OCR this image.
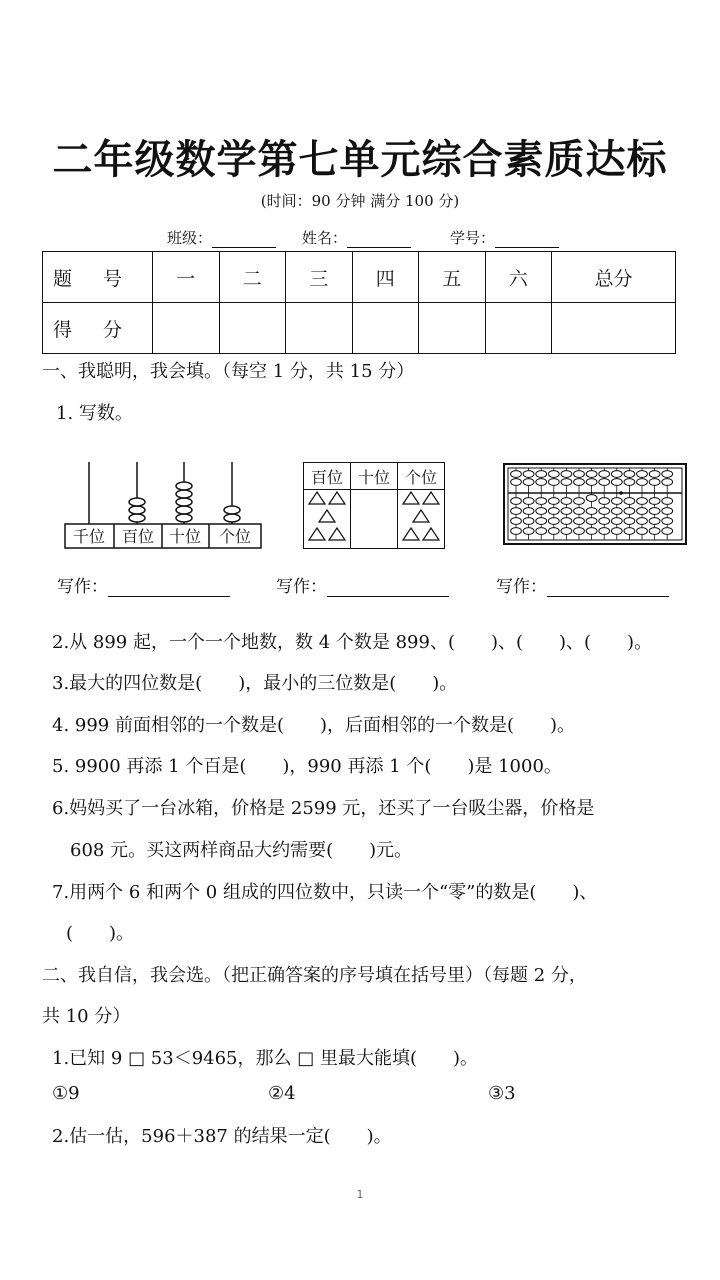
二年级数学第七单元综合素质达标
(时间：90 分钟 满分 100 分)
班级：	姓名：	学号：
题　号	一	二	三	四	五	六	总分
得　分							
一、我聪明，我会填。（每空 1 分，共 15 分）
1. 写数。
千位 百位 十位 个位
百位	十位	个位

写作：	写作：	写作：
2.从 899 起，一个一个地数，数 4 个数是 899、(　　)、(　　)、(　　)。
3.最大的四位数是(　　)，最小的三位数是(　　)。
4. 999 前面相邻的一个数是(　　)，后面相邻的一个数是(　　)。
5. 9900 再添 1 个百是(　　)，990 再添 1 个(　　)是 1000。
6.妈妈买了一台冰箱，价格是 2599 元，还买了一台吸尘器，价格是
608 元。买这两样商品大约需要(　　)元。
7.用两个 6 和两个 0 组成的四位数中，只读一个“零”的数是(　　)、
(　　)。
二、我自信，我会选。（把正确答案的序号填在括号里）（每题 2 分，
共 10 分）
1.已知 9 □ 53＜9465，那么 □ 里最大能填(　　)。
①9	②4	③3
2.估一估，596＋387 的结果一定(　　)。
1
